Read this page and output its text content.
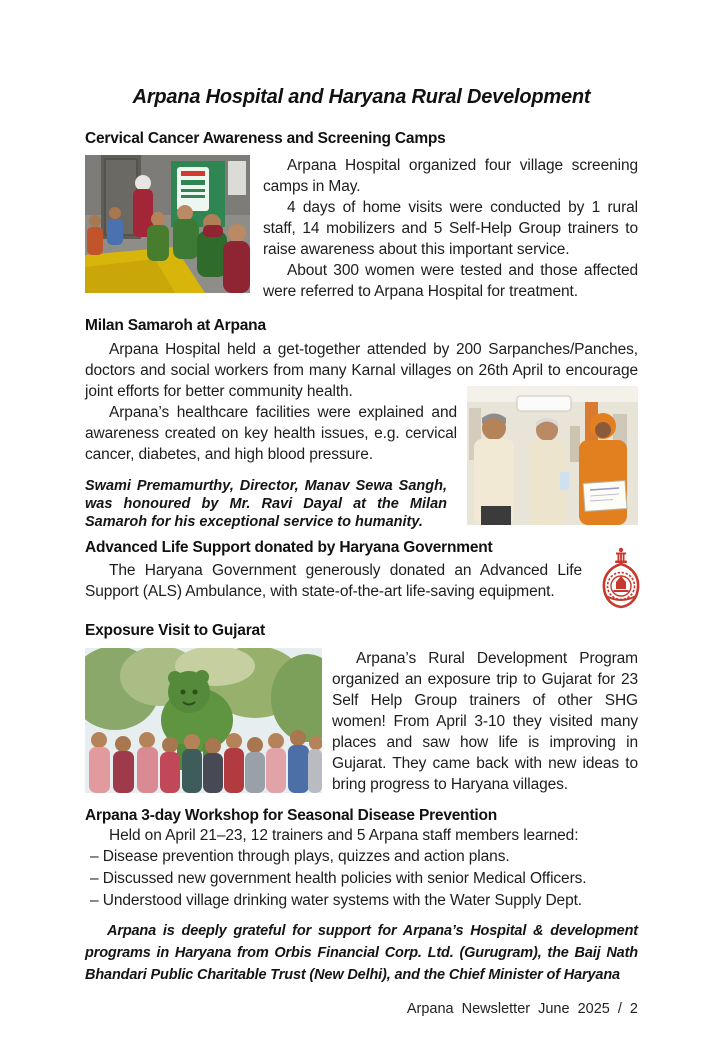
Arpana Hospital and Haryana Rural Development
Cervical Cancer Awareness and Screening Camps

Arpana Hospital organized four village screening camps in May.

4 days of home visits were conducted by 1 rural staff, 14 mobilizers and 5 Self-Help Group trainers to raise awareness about this important service.

About 300 women were tested and those affected were referred to Arpana Hospital for treatment.

Milan Samaroh at Arpana

Arpana Hospital held a get-together attended by 200 Sarpanches/Panches, doctors and social workers from many Karnal villages on 26th April to encourage joint efforts for better community health.

Arpana’s healthcare facilities were explained and awareness created on key health issues, e.g. cervical cancer, diabetes, and high blood pressure.

Swami Premamurthy, Director, Manav Sewa Sangh, was honoured by Mr. Ravi Dayal at the Milan Samaroh for his exceptional service to humanity.

Advanced Life Support donated by Haryana Government

The Haryana Government generously donated an Advanced Life Support (ALS) Ambulance, with state-of-the-art life-saving equipment.

Exposure Visit to Gujarat

Arpana’s Rural Development Program organized an exposure trip to Gujarat for 23 Self Help Group trainers of other SHG women! From April 3-10 they visited many places and saw how life is improving in Gujarat. They came back with new ideas to bring progress to Haryana villages.

Arpana 3-day Workshop for Seasonal Disease Prevention

Held on April 21–23, 12 trainers and 5 Arpana staff members learned:

– Disease prevention through plays, quizzes and action plans.
– Discussed new government health policies with senior Medical Officers.
– Understood village drinking water systems with the Water Supply Dept.

Arpana is deeply grateful for support for Arpana’s Hospital & development programs in Haryana from Orbis Financial Corp. Ltd. (Gurugram), the Baij Nath Bhandari Public Charitable Trust (New Delhi), and the Chief Minister of Haryana

Arpana Newsletter June 2025 / 2
